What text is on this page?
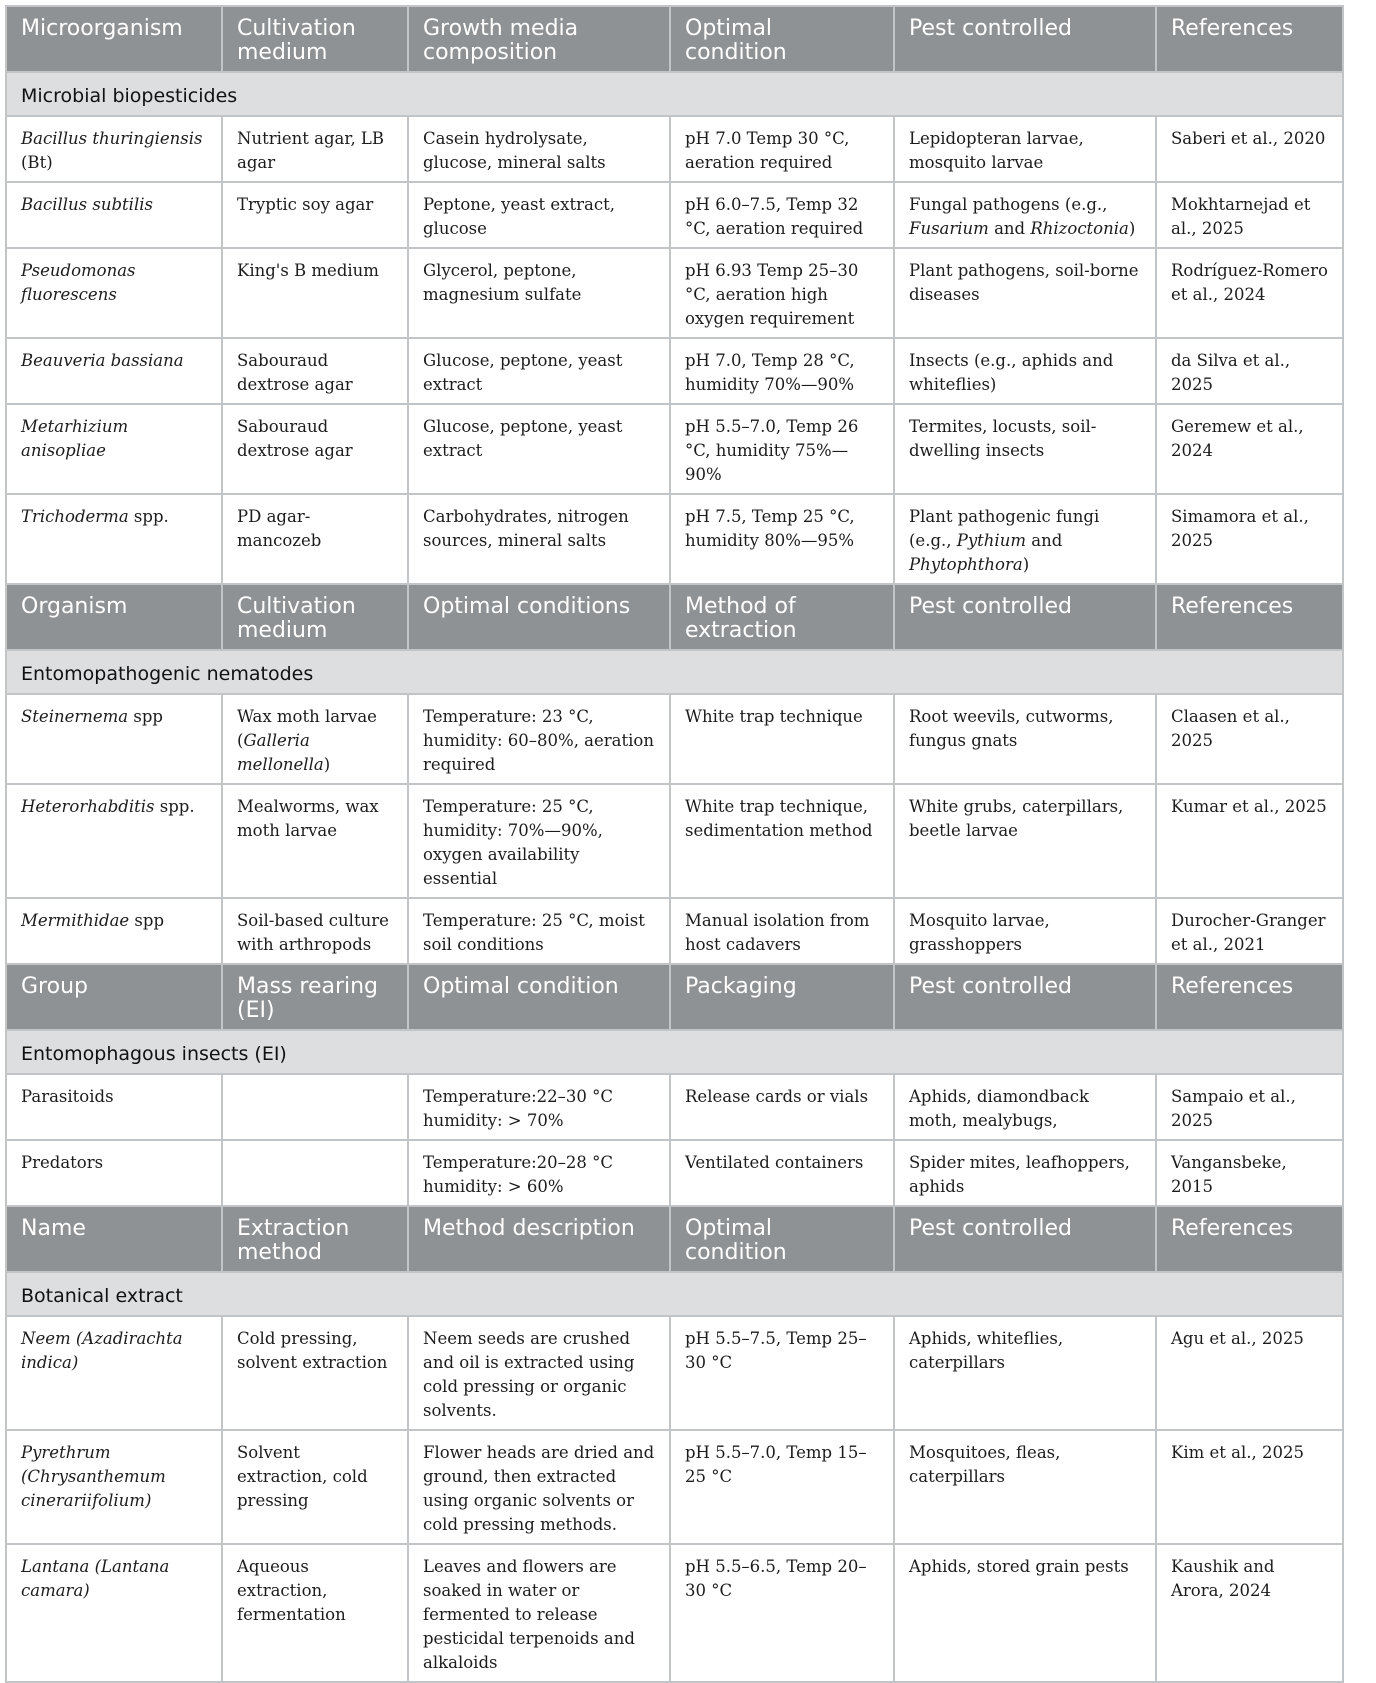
Microorganism	Cultivation medium	Growth media composition	Optimal condition	Pest controlled	References
Microbial biopesticides					
Bacillus thuringiensis (Bt)	Nutrient agar, LB agar	Casein hydrolysate, glucose, mineral salts	pH 7.0 Temp 30 °C, aeration required	Lepidopteran larvae, mosquito larvae	Saberi et al., 2020
Bacillus subtilis	Tryptic soy agar	Peptone, yeast extract, glucose	pH 6.0–7.5, Temp 32 °C, aeration required	Fungal pathogens (e.g., Fusarium and Rhizoctonia)	Mokhtarnejad et al., 2025
Pseudomonas fluorescens	King's B medium	Glycerol, peptone, magnesium sulfate	pH 6.93 Temp 25–30 °C, aeration high oxygen requirement	Plant pathogens, soil-borne diseases	Rodríguez-Romero et al., 2024
Beauveria bassiana	Sabouraud dextrose agar	Glucose, peptone, yeast extract	pH 7.0, Temp 28 °C, humidity 70%—90%	Insects (e.g., aphids and whiteflies)	da Silva et al., 2025
Metarhizium anisopliae	Sabouraud dextrose agar	Glucose, peptone, yeast extract	pH 5.5–7.0, Temp 26 °C, humidity 75%—90%	Termites, locusts, soil-dwelling insects	Geremew et al., 2024
Trichoderma spp.	PD agar-mancozeb	Carbohydrates, nitrogen sources, mineral salts	pH 7.5, Temp 25 °C, humidity 80%—95%	Plant pathogenic fungi (e.g., Pythium and Phytophthora)	Simamora et al., 2025
Organism	Cultivation medium	Optimal conditions	Method of extraction	Pest controlled	References
Entomopathogenic nematodes					
Steinernema spp	Wax moth larvae (Galleria mellonella)	Temperature: 23 °C, humidity: 60–80%, aeration required	White trap technique	Root weevils, cutworms, fungus gnats	Claasen et al., 2025
Heterorhabditis spp.	Mealworms, wax moth larvae	Temperature: 25 °C, humidity: 70%—90%, oxygen availability essential	White trap technique, sedimentation method	White grubs, caterpillars, beetle larvae	Kumar et al., 2025
Mermithidae spp	Soil-based culture with arthropods	Temperature: 25 °C, moist soil conditions	Manual isolation from host cadavers	Mosquito larvae, grasshoppers	Durocher-Granger et al., 2021
Group	Mass rearing (EI)	Optimal condition	Packaging	Pest controlled	References
Entomophagous insects (EI)					
Parasitoids		Temperature:22–30 °C humidity: > 70%	Release cards or vials	Aphids, diamondback moth, mealybugs,	Sampaio et al., 2025
Predators		Temperature:20–28 °C humidity: > 60%	Ventilated containers	Spider mites, leafhoppers, aphids	Vangansbeke, 2015
Name	Extraction method	Method description	Optimal condition	Pest controlled	References
Botanical extract					
Neem (Azadirachta indica)	Cold pressing, solvent extraction	Neem seeds are crushed and oil is extracted using cold pressing or organic solvents.	pH 5.5–7.5, Temp 25–30 °C	Aphids, whiteflies, caterpillars	Agu et al., 2025
Pyrethrum (Chrysanthemum cinerariifolium)	Solvent extraction, cold pressing	Flower heads are dried and ground, then extracted using organic solvents or cold pressing methods.	pH 5.5–7.0, Temp 15–25 °C	Mosquitoes, fleas, caterpillars	Kim et al., 2025
Lantana (Lantana camara)	Aqueous extraction, fermentation	Leaves and flowers are soaked in water or fermented to release pesticidal terpenoids and alkaloids	pH 5.5–6.5, Temp 20–30 °C	Aphids, stored grain pests	Kaushik and Arora, 2024
